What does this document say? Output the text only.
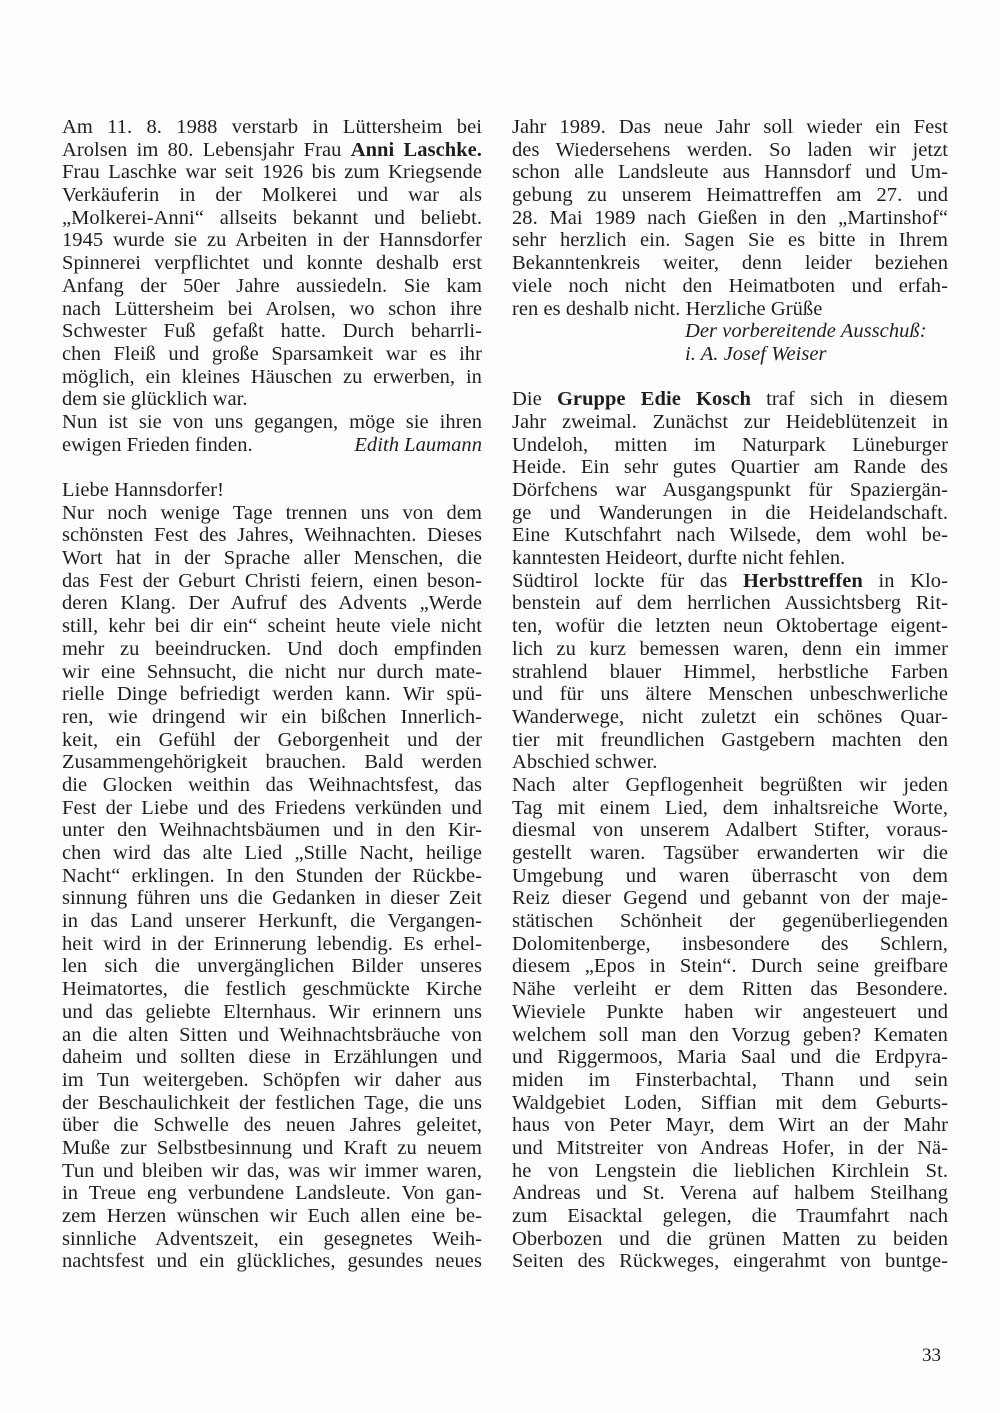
Am 11. 8. 1988 verstarb in Lüttersheim bei
Arolsen im 80. Lebensjahr Frau Anni Laschke.
Frau Laschke war seit 1926 bis zum Kriegsende
Verkäuferin in der Molkerei und war als
„Molkerei-Anni“ allseits bekannt und beliebt.
1945 wurde sie zu Arbeiten in der Hannsdorfer
Spinnerei verpflichtet und konnte deshalb erst
Anfang der 50er Jahre aussiedeln. Sie kam
nach Lüttersheim bei Arolsen, wo schon ihre
Schwester Fuß gefaßt hatte. Durch beharrli-
chen Fleiß und große Sparsamkeit war es ihr
möglich, ein kleines Häuschen zu erwerben, in
dem sie glücklich war.
Nun ist sie von uns gegangen, möge sie ihren
ewigen Frieden finden.	Edith Laumann
Liebe Hannsdorfer!
Nur noch wenige Tage trennen uns von dem
schönsten Fest des Jahres, Weihnachten. Dieses
Wort hat in der Sprache aller Menschen, die
das Fest der Geburt Christi feiern, einen beson-
deren Klang. Der Aufruf des Advents „Werde
still, kehr bei dir ein“ scheint heute viele nicht
mehr zu beeindrucken. Und doch empfinden
wir eine Sehnsucht, die nicht nur durch mate-
rielle Dinge befriedigt werden kann. Wir spü-
ren, wie dringend wir ein bißchen Innerlich-
keit, ein Gefühl der Geborgenheit und der
Zusammengehörigkeit brauchen. Bald werden
die Glocken weithin das Weihnachtsfest, das
Fest der Liebe und des Friedens verkünden und
unter den Weihnachtsbäumen und in den Kir-
chen wird das alte Lied „Stille Nacht, heilige
Nacht“ erklingen. In den Stunden der Rückbe-
sinnung führen uns die Gedanken in dieser Zeit
in das Land unserer Herkunft, die Vergangen-
heit wird in der Erinnerung lebendig. Es erhel-
len sich die unvergänglichen Bilder unseres
Heimatortes, die festlich geschmückte Kirche
und das geliebte Elternhaus. Wir erinnern uns
an die alten Sitten und Weihnachtsbräuche von
daheim und sollten diese in Erzählungen und
im Tun weitergeben. Schöpfen wir daher aus
der Beschaulichkeit der festlichen Tage, die uns
über die Schwelle des neuen Jahres geleitet,
Muße zur Selbstbesinnung und Kraft zu neuem
Tun und bleiben wir das, was wir immer waren,
in Treue eng verbundene Landsleute. Von gan-
zem Herzen wünschen wir Euch allen eine be-
sinnliche Adventszeit, ein gesegnetes Weih-
nachtsfest und ein glückliches, gesundes neues
Jahr 1989. Das neue Jahr soll wieder ein Fest
des Wiedersehens werden. So laden wir jetzt
schon alle Landsleute aus Hannsdorf und Um-
gebung zu unserem Heimattreffen am 27. und
28. Mai 1989 nach Gießen in den „Martinshof“
sehr herzlich ein. Sagen Sie es bitte in Ihrem
Bekanntenkreis weiter, denn leider beziehen
viele noch nicht den Heimatboten und erfah-
ren es deshalb nicht. Herzliche Grüße
Der vorbereitende Ausschuß:
i. A. Josef Weiser
Die Gruppe Edie Kosch traf sich in diesem
Jahr zweimal. Zunächst zur Heideblütenzeit in
Undeloh, mitten im Naturpark Lüneburger
Heide. Ein sehr gutes Quartier am Rande des
Dörfchens war Ausgangspunkt für Spaziergän-
ge und Wanderungen in die Heidelandschaft.
Eine Kutschfahrt nach Wilsede, dem wohl be-
kanntesten Heideort, durfte nicht fehlen.
Südtirol lockte für das Herbsttreffen in Klo-
benstein auf dem herrlichen Aussichtsberg Rit-
ten, wofür die letzten neun Oktobertage eigent-
lich zu kurz bemessen waren, denn ein immer
strahlend blauer Himmel, herbstliche Farben
und für uns ältere Menschen unbeschwerliche
Wanderwege, nicht zuletzt ein schönes Quar-
tier mit freundlichen Gastgebern machten den
Abschied schwer.
Nach alter Gepflogenheit begrüßten wir jeden
Tag mit einem Lied, dem inhaltsreiche Worte,
diesmal von unserem Adalbert Stifter, voraus-
gestellt waren. Tagsüber erwanderten wir die
Umgebung und waren überrascht von dem
Reiz dieser Gegend und gebannt von der maje-
stätischen Schönheit der gegenüberliegenden
Dolomitenberge, insbesondere des Schlern,
diesem „Epos in Stein“. Durch seine greifbare
Nähe verleiht er dem Ritten das Besondere.
Wieviele Punkte haben wir angesteuert und
welchem soll man den Vorzug geben? Kematen
und Riggermoos, Maria Saal und die Erdpyra-
miden im Finsterbachtal, Thann und sein
Waldgebiet Loden, Siffian mit dem Geburts-
haus von Peter Mayr, dem Wirt an der Mahr
und Mitstreiter von Andreas Hofer, in der Nä-
he von Lengstein die lieblichen Kirchlein St.
Andreas und St. Verena auf halbem Steilhang
zum Eisacktal gelegen, die Traumfahrt nach
Oberbozen und die grünen Matten zu beiden
Seiten des Rückweges, eingerahmt von buntge-
33
